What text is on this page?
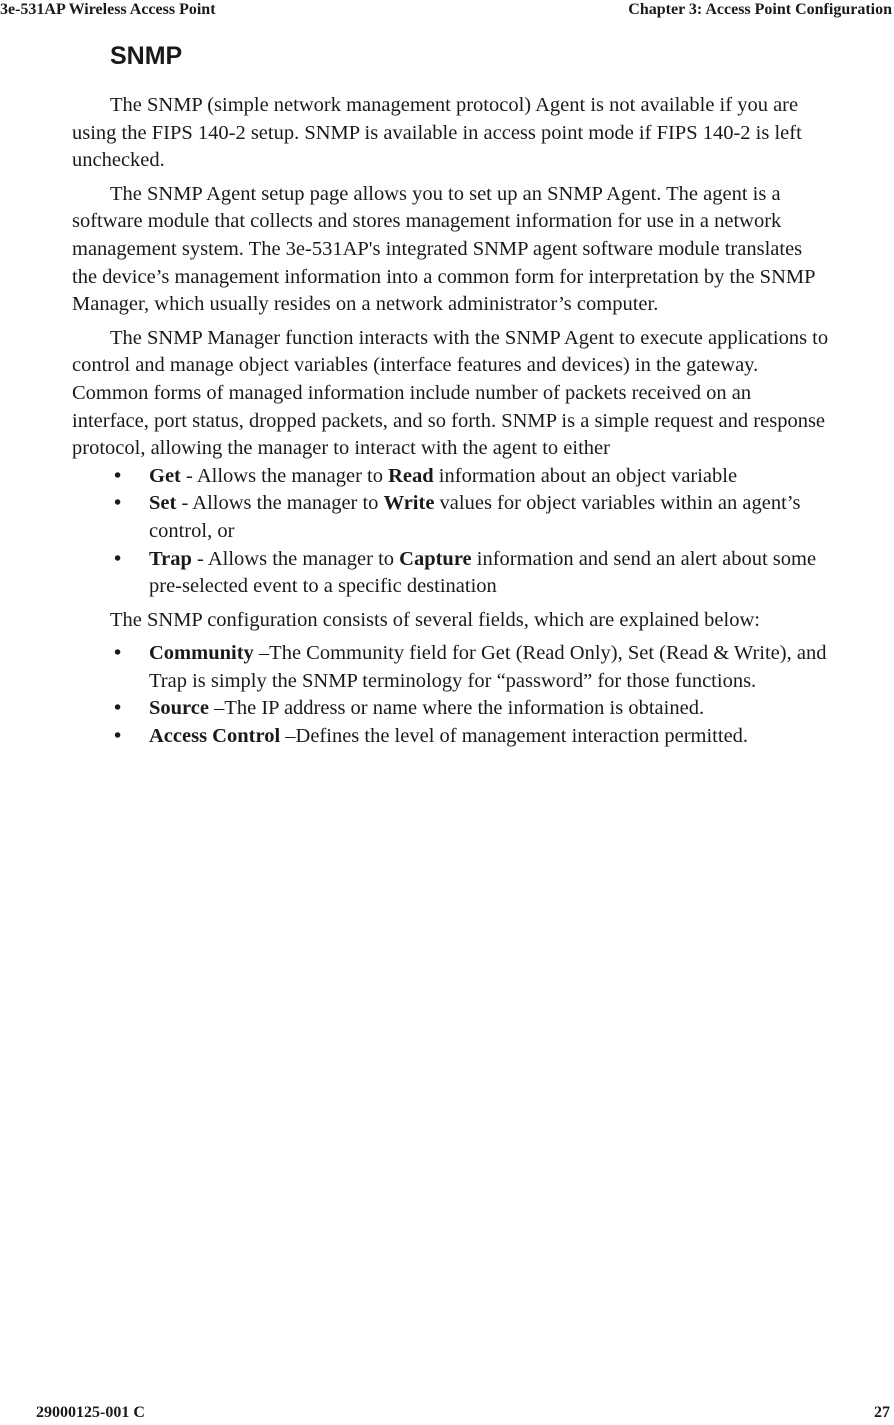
3e-531AP Wireless Access Point	Chapter 3: Access Point Configuration
SNMP

The SNMP (simple network management protocol) Agent is not available if you are using the FIPS 140-2 setup. SNMP is available in access point mode if FIPS 140-2 is left unchecked.

The SNMP Agent setup page allows you to set up an SNMP Agent. The agent is a software module that collects and stores management information for use in a network management system. The 3e-531AP's integrated SNMP agent software module translates the device’s management information into a common form for interpretation by the SNMP Manager, which usually resides on a network administrator’s computer.

The SNMP Manager function interacts with the SNMP Agent to execute applications to control and manage object variables (interface features and devices) in the gateway. Common forms of managed information include number of packets received on an interface, port status, dropped packets, and so forth. SNMP is a simple request and response protocol, allowing the manager to interact with the agent to either

• Get - Allows the manager to Read information about an object variable
• Set - Allows the manager to Write values for object variables within an agent’s control, or
• Trap - Allows the manager to Capture information and send an alert about some pre-selected event to a specific destination

The SNMP configuration consists of several fields, which are explained below:

• Community –The Community field for Get (Read Only), Set (Read & Write), and Trap is simply the SNMP terminology for “password” for those functions.
• Source –The IP address or name where the information is obtained.
• Access Control –Defines the level of management interaction permitted.
29000125-001 C	27
